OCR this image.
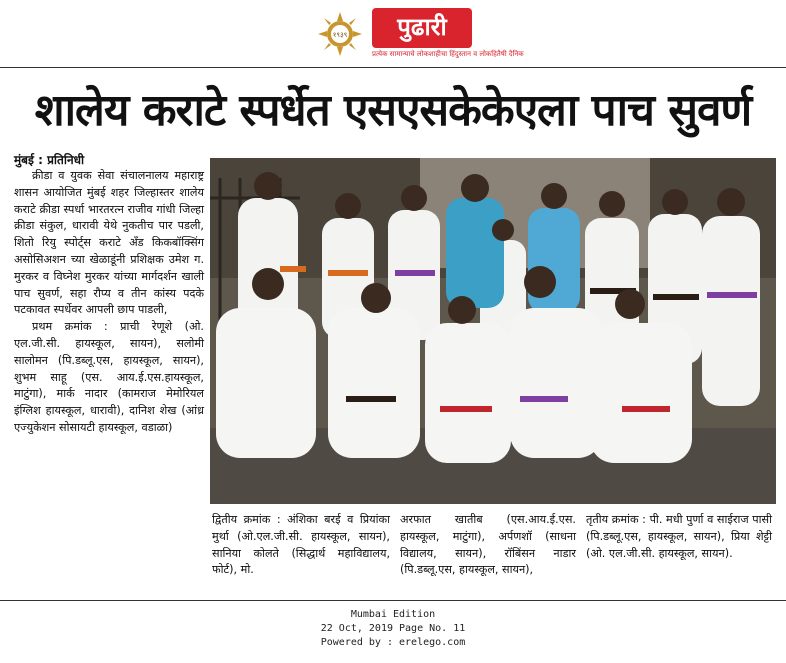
१९३९	पुढारी
प्रत्‍येक सामान्‍याचे लोकशाहीचा हिंदुस्तान व लोकहितैषी दैनिक
शालेय कराटे स्पर्धेत एसएसकेकेएला पाच सुवर्ण
मुंबई : प्रतिनिधी

क्रीडा व युवक सेवा संचालनालय महाराष्ट्र शासन आयोजित मुंबई शहर जिल्हास्तर शालेय कराटे क्रीडा स्पर्धा भारतरत्न राजीव गांधी जिल्हा क्रीडा संकुल, धारावी येथे नुकतीच पार पडली, शितो रियु स्पोर्ट्स कराटे अँड किकबॉक्सिंग असोसिअशन च्या खेळाडूंनी प्रशिक्षक उमेश ग. मुरकर व विघ्नेश मुरकर यांच्या मार्गदर्शन खाली पाच सुवर्ण, सहा रौप्य व तीन कांस्य पदके पटकावत स्पर्धेवर आपली छाप पाडली,

प्रथम क्रमांक : प्राची रेणूशे (ओ. एल.जी.सी. हायस्कूल, सायन), सलोमी सालोमन (पि.डब्लू.एस, हायस्कूल, सायन), शुभम साहू (एस. आय.ई.एस.हायस्कूल, माटुंगा), मार्क नादार (कामराज मेमोरियल इंग्लिश हायस्कूल, धारावी), दानिश शेख (आंध्र एज्युकेशन सोसायटी हायस्कूल, वडाळा)

द्वितीय क्रमांक : अंशिका बरई व प्रियांका मुर्था (ओ.एल.जी.सी. हायस्कूल, सायन), सानिया कोलते (सिद्धार्थ महाविद्यालय, फोर्ट), मो.
अरफात खातीब (एस.आय.ई.एस. हायस्कूल, माटुंगा), अर्पणशॉ (साधना विद्यालय, सायन), रॉबिंसन नाडार (पि.डब्लू.एस, हायस्कूल, सायन),
तृतीय क्रमांक : पी. मधी पुर्णा व साईराज पासी (पि.डब्लू.एस, हायस्कूल, सायन), प्रिया शेट्टी (ओ. एल.जी.सी. हायस्कूल, सायन).
Mumbai Edition
22 Oct, 2019 Page No. 11
Powered by : erelego.com
